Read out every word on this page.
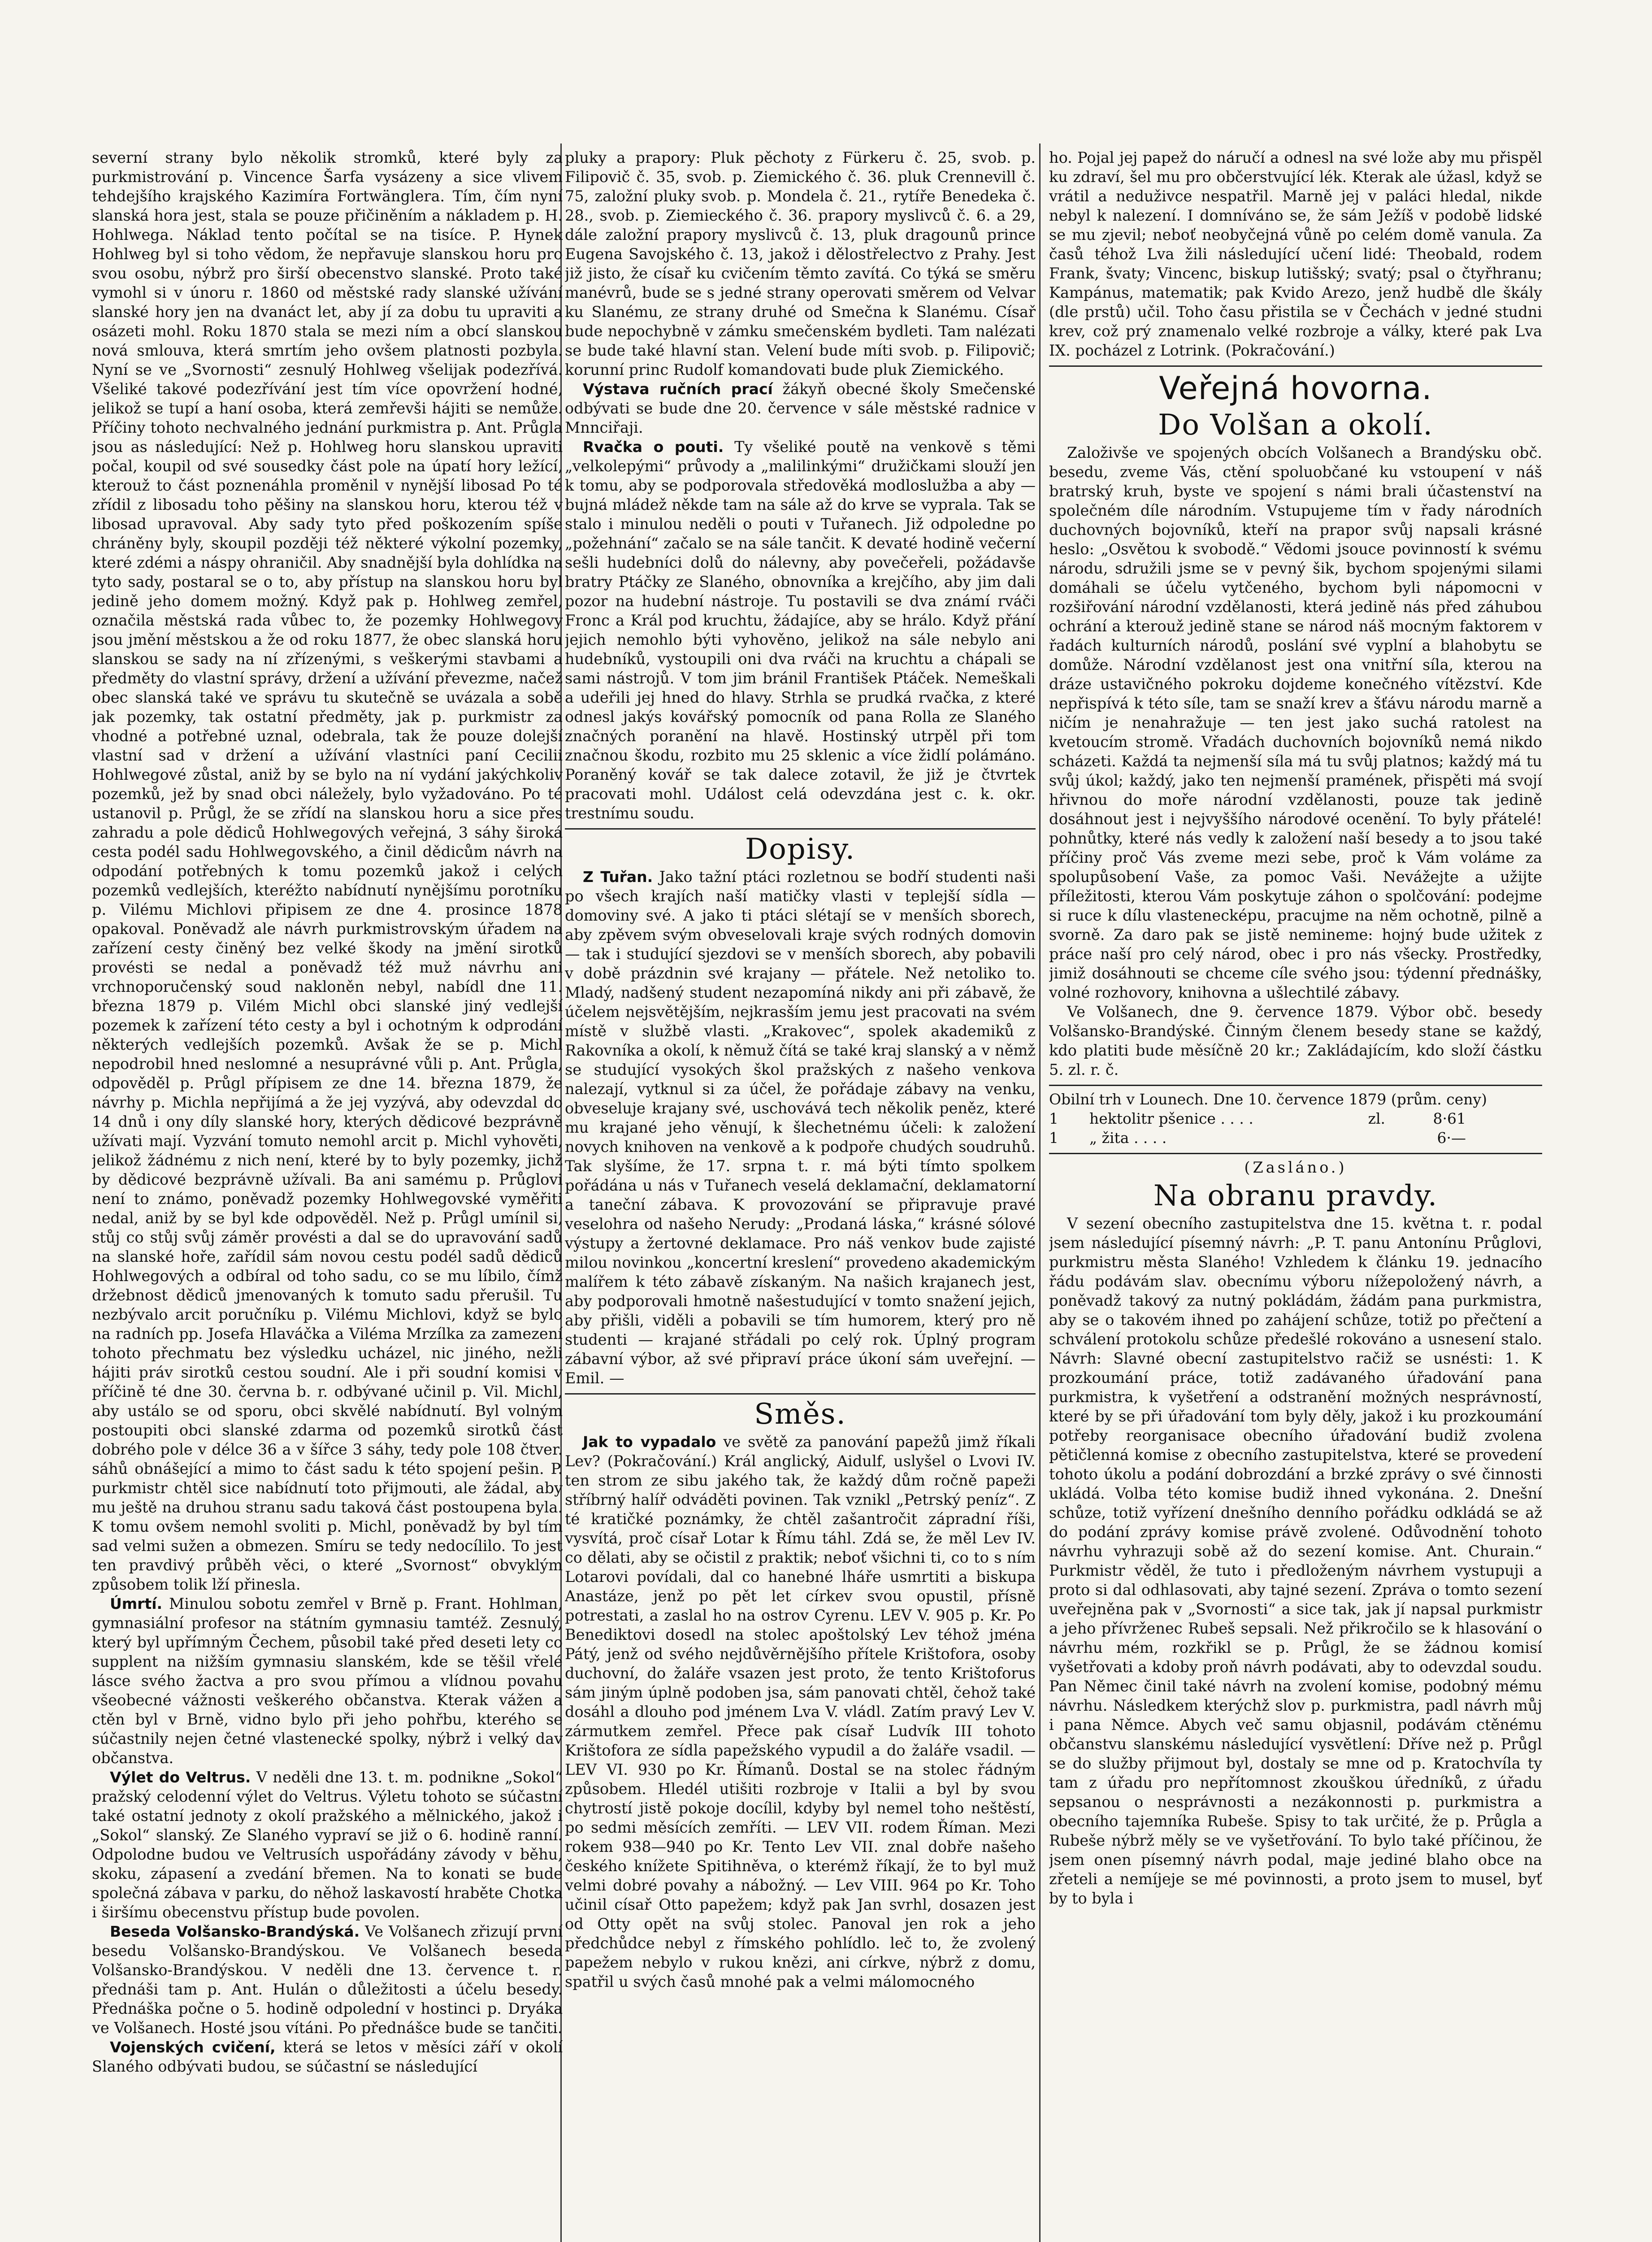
severní strany bylo několik stromků, které byly za purkmistrování p. Vincence Šarfa vysázeny a sice vlivem tehdejšího krajského Kazimíra Fortwänglera. Tím, čím nyní slanská hora jest, stala se pouze přičiněním a nákladem p. H. Hohlwega. Náklad tento počítal se na tisíce. P. Hynek Hohlweg byl si toho vědom, že nepřavuje slanskou horu pro svou osobu, nýbrž pro širší obecenstvo slanské. Proto také vymohl si v únoru r. 1860 od městské rady slanské užívání slanské hory jen na dvanáct let, aby jí za dobu tu upraviti a osázeti mohl. Roku 1870 stala se mezi ním a obcí slanskou nová smlouva, která smrtím jeho ovšem platnosti pozbyla. Nyní se ve „Svornosti“ zesnulý Hohlweg všelijak podezřívá. Všeliké takové podezřívání jest tím více opovržení hodné, jelikož se tupí a haní osoba, která zemřevši hájiti se nemůže. Příčiny tohoto nechvalného jednání purkmistra p. Ant. Průgla jsou as následující: Než p. Hohlweg horu slanskou upraviti počal, koupil od své sousedky část pole na úpatí hory ležící, kterouž to část poznenáhla proměnil v nynější libosad Po té zřídil z libosadu toho pěšiny na slanskou horu, kterou též v libosad upravoval. Aby sady tyto před poškozením spíše chráněny byly, skoupil později též některé výkolní pozemky, které zdémi a náspy ohraničil. Aby snadnější byla dohlídka na tyto sady, postaral se o to, aby přístup na slanskou horu byl jedině jeho domem možný. Když pak p. Hohlweg zemřel, označila městská rada vůbec to, že pozemky Hohlwegovy jsou jmění městskou a že od roku 1877, že obec slanská horu slanskou se sady na ní zřízenými, s veškerými stavbami a předměty do vlastní správy, držení a užívání převezme, načež obec slanská také ve správu tu skutečně se uvázala a sobě jak pozemky, tak ostatní předměty, jak p. purkmistr za vhodné a potřebné uznal, odebrala, tak že pouze dolejší vlastní sad v držení a užívání vlastníci paní Cecilii Hohlwegové zůstal, aniž by se bylo na ní vydání jakýchkoliv pozemků, jež by snad obci náležely, bylo vyžadováno. Po té ustanovil p. Průgl, že se zřídí na slanskou horu a sice přes zahradu a pole dědiců Hohlwegových veřejná, 3 sáhy široká cesta podél sadu Hohlwegovského, a činil dědicům návrh na odpodání potřebných k tomu pozemků jakož i celých pozemků vedlejších, kteréžto nabídnutí nynějšímu porotníku p. Vilému Michlovi připisem ze dne 4. prosince 1878 opakoval. Poněvadž ale návrh purkmistrovským úřadem na zařízení cesty činěný bez velké škody na jmění sirotků provésti se nedal a poněvadž též muž návrhu ani vrchnoporučenský soud nakloněn nebyl, nabídl dne 11. března 1879 p. Vilém Michl obci slanské jiný vedlejší pozemek k zařízení této cesty a byl i ochotným k odprodání některých vedlejších pozemků. Avšak že se p. Michl nepodrobil hned neslomné a nesuprávné vůli p. Ant. Průgla, odpověděl p. Průgl přípisem ze dne 14. března 1879, že návrhy p. Michla nepřijímá a že jej vyzývá, aby odevzdal do 14 dnů i ony díly slanské hory, kterých dědicové bezprávně užívati mají. Vyzvání tomuto nemohl arcit p. Michl vyhověti, jelikož žádnému z nich není, které by to byly pozemky, jichž by dědicové bezprávně užívali. Ba ani samému p. Průglovi není to známo, poněvadž pozemky Hohlwegovské vyměřiti nedal, aniž by se byl kde odpověděl. Než p. Průgl umínil si, stůj co stůj svůj záměr provésti a dal se do upravování sadů na slanské hoře, zařídil sám novou cestu podél sadů dědiců Hohlwegových a odbíral od toho sadu, co se mu líbilo, čímž držebnost dědiců jmenovaných k tomuto sadu přerušil. Tu nezbývalo arcit poručníku p. Vilému Michlovi, když se bylo na radních pp. Josefa Hlaváčka a Viléma Mrzílka za zamezení tohoto přechmatu bez výsledku ucházel, nic jiného, nežli hájiti práv sirotků cestou soudní. Ale i při soudní komisi v příčině té dne 30. června b. r. odbývané učinil p. Vil. Michl, aby ustálo se od sporu, obci skvělé nabídnutí. Byl volným postoupiti obci slanské zdarma od pozemků sirotků část dobrého pole v délce 36 a v šířce 3 sáhy, tedy pole 108 čtver. sáhů obnášející a mimo to část sadu k této spojení pešin. P. purkmistr chtěl sice nabídnutí toto přijmouti, ale žádal, aby mu ještě na druhou stranu sadu taková část postoupena byla. K tomu ovšem nemohl svoliti p. Michl, poněvadž by byl tím sad velmi sužen a obmezen. Smíru se tedy nedocílilo. To jest ten pravdivý průběh věci, o které „Svornost“ obvyklým způsobem tolik lží přinesla.

Úmrtí. Minulou sobotu zemřel v Brně p. Frant. Hohlman, gymnasiální profesor na státním gymnasiu tamtéž. Zesnulý, který byl upřímným Čechem, působil také před deseti lety co supplent na nižším gymnasiu slanském, kde se těšil vřelé lásce svého žactva a pro svou přímou a vlídnou povahu všeobecné vážnosti veškerého občanstva. Kterak vážen a ctěn byl v Brně, vidno bylo při jeho pohřbu, kterého se súčastnily nejen četné vlastenecké spolky, nýbrž i velký dav občanstva.

Výlet do Veltrus. V neděli dne 13. t. m. podnikne „Sokol“ pražský celodenní výlet do Veltrus. Výletu tohoto se súčastní také ostatní jednoty z okolí pražského a mělnického, jakož i „Sokol“ slanský. Ze Slaného vypraví se již o 6. hodině ranní. Odpolodne budou ve Veltrusích uspořádány závody v běhu, skoku, zápasení a zvedání břemen. Na to konati se bude společná zábava v parku, do něhož laskavostí hraběte Chotka i širšímu obecenstvu přístup bude povolen.

Beseda Volšansko-Brandýská. Ve Volšanech zřizují první besedu Volšansko-Brandýskou. Ve Volšanech beseda Volšansko-Brandýskou. V neděli dne 13. července t. r. přednáši tam p. Ant. Hulán o důležitosti a účelu besedy. Přednáška počne o 5. hodině odpolední v hostinci p. Dryáka ve Volšanech. Hosté jsou vítáni. Po přednášce bude se tančiti.

Vojenských cvičení, která se letos v měsíci září v okolí Slaného odbývati budou, se súčastní se následující

pluky a prapory: Pluk pěchoty z Fürkeru č. 25, svob. p. Filipovič č. 35, svob. p. Ziemického č. 36. pluk Crennevill č. 75, založní pluky svob. p. Mondela č. 21., rytíře Benedeka č. 28., svob. p. Ziemieckého č. 36. prapory myslivců č. 6. a 29, dále založní prapory myslivců č. 13, pluk dragounů prince Eugena Savojského č. 13, jakož i dělostřelectvo z Prahy. Jest již jisto, že císař ku cvičením těmto zavítá. Co týká se směru manévrů, bude se s jedné strany operovati směrem od Velvar ku Slanému, ze strany druhé od Smečna k Slanému. Císař bude nepochybně v zámku smečenském bydleti. Tam nalézati se bude také hlavní stan. Velení bude míti svob. p. Filipovič; korunní princ Rudolf komandovati bude pluk Ziemického.

Výstava ručních prací žákyň obecné školy Smečenské odbývati se bude dne 20. července v sále městské radnice v Mnnciřaji.

Rvačka o pouti. Ty všeliké poutě na venkově s těmi „velkolepými“ průvody a „malilinkými“ družičkami slouží jen k tomu, aby se podporovala středověká modloslužba a aby — bujná mládež někde tam na sále až do krve se vyprala. Tak se stalo i minulou neděli o pouti v Tuřanech. Již odpoledne po „požehnání“ začalo se na sále tančit. K devaté hodině večerní sešli hudebníci dolů do nálevny, aby povečeřeli, požádavše bratry Ptáčky ze Slaného, obnovníka a krejčího, aby jim dali pozor na hudební nástroje. Tu postavili se dva známí rváči Fronc a Král pod kruchtu, žádajíce, aby se hrálo. Když přání jejich nemohlo býti vyhověno, jelikož na sále nebylo ani hudebníků, vystoupili oni dva rváči na kruchtu a chápali se sami nástrojů. V tom jim bránil František Ptáček. Nemeškali a udeřili jej hned do hlavy. Strhla se prudká rvačka, z které odnesl jakýs kovářský pomocník od pana Rolla ze Slaného značných poranění na hlavě. Hostinský utrpěl při tom značnou škodu, rozbito mu 25 sklenic a více židlí polámáno. Poraněný kovář se tak dalece zotavil, že již je čtvrtek pracovati mohl. Událost celá odevzdána jest c. k. okr. trestnímu soudu.

Dopisy.

Z Tuřan. Jako tažní ptáci rozletnou se bodří studenti naši po všech krajích naší matičky vlasti v teplejší sídla — domoviny své. A jako ti ptáci slétají se v menších sborech, aby zpěvem svým obveselovali kraje svých rodných domovin — tak i studující sjezdovi se v menších sborech, aby pobavili v době prázdnin své krajany — přátele. Než netoliko to. Mladý, nadšený student nezapomíná nikdy ani při zábavě, že účelem nejsvětějším, nejkrasším jemu jest pracovati na svém místě v službě vlasti. „Krakovec“, spolek akademiků z Rakovníka a okolí, k němuž čítá se také kraj slanský a v němž se studující vysokých škol pražských z našeho venkova nalezají, vytknul si za účel, že pořádaje zábavy na venku, obveseluje krajany své, uschovává tech několik peněz, které mu krajané jeho věnují, k šlechetnému účeli: k založení novych knihoven na venkově a k podpoře chudých soudruhů. Tak slyšíme, že 17. srpna t. r. má býti tímto spolkem pořádána u nás v Tuřanech veselá deklamační, deklamatorní a taneční zábava. K provozování se připravuje pravé veselohra od našeho Nerudy: „Prodaná láska,“ krásné sólové výstupy a žertovné deklamace. Pro náš venkov bude zajisté milou novinkou „koncertní kreslení“ provedeno akademickým malířem k této zábavě získaným. Na našich krajanech jest, aby podporovali hmotně našestudující v tomto snažení jejich, aby přišli, viděli a pobavili se tím humorem, který pro ně studenti — krajané střádali po celý rok. Úplný program zábavní výbor, až své připraví práce úkoní sám uveřejní. — Emil. —

Směs.

Jak to vypadalo ve světě za panování papežů jimž říkali Lev? (Pokračování.) Král anglický, Aidulf, uslyšel o Lvovi IV. ten strom ze sibu jakého tak, že každý dům ročně papeži stříbrný halíř odváděti povinen. Tak vznikl „Petrský peníz“. Z té kratičké poznámky, že chtěl zašantročit zápradní říši, vysvítá, proč císař Lotar k Římu táhl. Zdá se, že měl Lev IV. co dělati, aby se očistil z praktik; neboť všichni ti, co to s ním Lotarovi povídali, dal co hanebné lháře usmrtiti a biskupa Anastáze, jenž po pět let církev svou opustil, přísně potrestati, a zaslal ho na ostrov Cyrenu. LEV V. 905 p. Kr. Po Benediktovi dosedl na stolec apoštolský Lev téhož jména Pátý, jenž od svého nejdůvěrnějšího přítele Krištofora, osoby duchovní, do žaláře vsazen jest proto, že tento Krištoforus sám jiným úplně podoben jsa, sám panovati chtěl, čehož také dosáhl a dlouho pod jménem Lva V. vládl. Zatím pravý Lev V. zármutkem zemřel. Přece pak císař Ludvík III tohoto Krištofora ze sídla papežského vypudil a do žaláře vsadil. — LEV VI. 930 po Kr. Římanů. Dostal se na stolec řádným způsobem. Hledél utišiti rozbroje v Italii a byl by svou chytrostí jistě pokoje docílil, kdyby byl nemel toho neštěstí, po sedmi měsících zemříti. — LEV VII. rodem Říman. Mezi rokem 938—940 po Kr. Tento Lev VII. znal dobře našeho českého knížete Spitihněva, o kterémž říkají, že to byl muž velmi dobré povahy a nábožný. — Lev VIII. 964 po Kr. Toho učinil císař Otto papežem; když pak Jan svrhl, dosazen jest od Otty opět na svůj stolec. Panoval jen rok a jeho předchůdce nebyl z římského pohlídlo. leč to, že zvolený papežem nebylo v rukou knězi, ani církve, nýbrž z domu, spatřil u svých časů mnohé pak a velmi málomocného

ho. Pojal jej papež do náručí a odnesl na své lože aby mu přispěl ku zdraví, šel mu pro občerstvující lék. Kterak ale úžasl, když se vrátil a neduživce nespatřil. Marně jej v paláci hledal, nikde nebyl k nalezení. I domníváno se, že sám Ježíš v podobě lidské se mu zjevil; neboť neobyčejná vůně po celém domě vanula. Za časů téhož Lva žili následující učení lidé: Theobald, rodem Frank, švaty; Vincenc, biskup lutišský; svatý; psal o čtyřhranu; Kampánus, matematik; pak Kvido Arezo, jenž hudbě dle škály (dle prstů) učil. Toho času přistila se v Čechách v jedné studni krev, což prý znamenalo velké rozbroje a války, které pak Lva IX. pocházel z Lotrink. (Pokračování.)

Veřejná hovorna.
Do Volšan a okolí.

Založivše ve spojených obcích Volšanech a Brandýsku obč. besedu, zveme Vás, ctění spoluobčané ku vstoupení v náš bratrský kruh, byste ve spojení s námi brali účastenství na společném díle národním. Vstupujeme tím v řady národních duchovných bojovníků, kteří na prapor svůj napsali krásné heslo: „Osvětou k svobodě.“ Vědomi jsouce povinností k svému národu, sdružili jsme se v pevný šik, bychom spojenými silami domáhali se účelu vytčeného, bychom byli nápomocni v rozšiřování národní vzdělanosti, která jedině nás před záhubou ochrání a kterouž jedině stane se národ náš mocným faktorem v řadách kulturních národů, poslání své vyplní a blahobytu se domůže. Národní vzdělanost jest ona vnitřní síla, kterou na dráze ustavičného pokroku dojdeme konečného vítězství. Kde nepřispívá k této síle, tam se snaží krev a šťávu národu marně a ničím je nenahražuje — ten jest jako suchá ratolest na kvetoucím stromě. Vřadách duchovních bojovníků nemá nikdo scházeti. Každá ta nejmenší síla má tu svůj platnos; každý má tu svůj úkol; každý, jako ten nejmenší pramének, přispěti má svojí hřivnou do moře národní vzdělanosti, pouze tak jedině dosáhnout jest i nejvyššího národové ocenění. To byly přátelé! pohnůtky, které nás vedly k založení naší besedy a to jsou také příčiny proč Vás zveme mezi sebe, proč k Vám voláme za spolupůsobení Vaše, za pomoc Vaši. Nevážejte a užijte příležitosti, kterou Vám poskytuje záhon o spolčování: podejme si ruce k dílu vlastenecképu, pracujme na něm ochotně, pilně a svorně. Za daro pak se jistě nemineme: hojný bude užitek z práce naší pro celý národ, obec i pro nás všecky. Prostředky, jimiž dosáhnouti se chceme cíle svého jsou: týdenní přednášky, volné rozhovory, knihovna a ušlechtilé zábavy.

Ve Volšanech, dne 9. července 1879. Výbor obč. besedy Volšansko-Brandýské. Činným členem besedy stane se každý, kdo platiti bude měsíčně 20 kr.; Zakládajícím, kdo složí částku 5. zl. r. č.

Obilní trh v Lounech. Dne 10. července 1879 (prům. ceny)

1	hektolitr pšenice . . . .	zl.	8·61
1	„ žita . . . .	6·—

(Zasláno.)

Na obranu pravdy.

V sezení obecního zastupitelstva dne 15. května t. r. podal jsem následující písemný návrh: „P. T. panu Antonínu Průglovi, purkmistru města Slaného! Vzhledem k článku 19. jednacího řádu podávám slav. obecnímu výboru nížepoložený návrh, a poněvadž takový za nutný pokládám, žádám pana purkmistra, aby se o takovém ihned po zahájení schůze, totiž po přečtení a schválení protokolu schůze předešlé rokováno a usnesení stalo. Návrh: Slavné obecní zastupitelstvo račiž se usnésti: 1. K prozkoumání práce, totiž zadávaného úřadování pana purkmistra, k vyšetření a odstranění možných nesprávností, které by se při úřadování tom byly děly, jakož i ku prozkoumání potřeby reorganisace obecního úřadování budiž zvolena pětičlenná komise z obecního zastupitelstva, které se provedení tohoto úkolu a podání dobrozdání a brzké zprávy o své činnosti ukládá. Volba této komise budiž ihned vykonána. 2. Dnešní schůze, totiž vyřízení dnešního denního pořádku odkládá se až do podání zprávy komise právě zvolené. Odůvodnění tohoto návrhu vyhrazuji sobě až do sezení komise. Ant. Churain.“ Purkmistr věděl, že tuto i předloženým návrhem vystupuji a proto si dal odhlasovati, aby tajné sezení. Zpráva o tomto sezení uveřejněna pak v „Svornosti“ a sice tak, jak jí napsal purkmistr a jeho přívrženec Rubeš sepsali. Než přikročilo se k hlasování o návrhu mém, rozkřikl se p. Průgl, že se žádnou komisí vyšetřovati a kdoby proň návrh podávati, aby to odevzdal soudu. Pan Němec činil také návrh na zvolení komise, podobný mému návrhu. Následkem kterýchž slov p. purkmistra, padl návrh můj i pana Němce. Abych več samu objasnil, podávám ctěnému občanstvu slanskému následující vysvětlení: Dříve než p. Průgl se do služby přijmout byl, dostaly se mne od p. Kratochvíla ty tam z úřadu pro nepřítomnost zkouškou úředníků, z úřadu sepsanou o nesprávnosti a nezákonnosti p. purkmistra a obecního tajemníka Rubeše. Spisy to tak určité, že p. Průgla a Rubeše nýbrž měly se ve vyšetřování. To bylo také příčinou, že jsem onen písemný návrh podal, maje jediné blaho obce na zřeteli a nemíjeje se mé povinnosti, a proto jsem to musel, byť by to byla i
